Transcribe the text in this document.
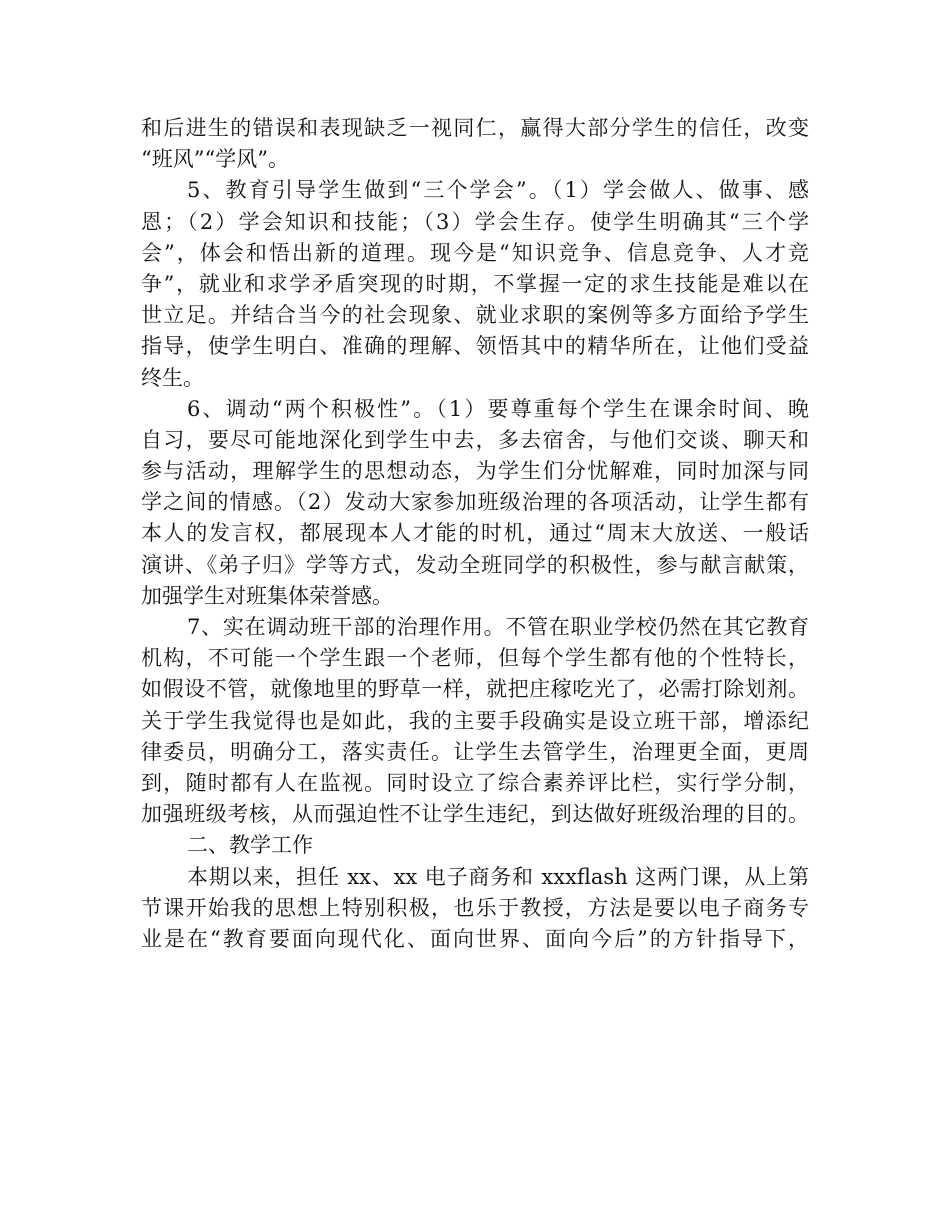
和后进生的错误和表现缺乏一视同仁，赢得大部分学生的信任，改变
“班风”“学风”。
5、教育引导学生做到“三个学会”。（1）学会做人、做事、感
恩；（2）学会知识和技能；（3）学会生存。使学生明确其“三个学
会”，体会和悟出新的道理。现今是“知识竞争、信息竞争、人才竞
争”，就业和求学矛盾突现的时期，不掌握一定的求生技能是难以在
世立足。并结合当今的社会现象、就业求职的案例等多方面给予学生
指导，使学生明白、准确的理解、领悟其中的精华所在，让他们受益
终生。
6、调动“两个积极性”。（1）要尊重每个学生在课余时间、晚
自习，要尽可能地深化到学生中去，多去宿舍，与他们交谈、聊天和
参与活动，理解学生的思想动态，为学生们分忧解难，同时加深与同
学之间的情感。（2）发动大家参加班级治理的各项活动，让学生都有
本人的发言权，都展现本人才能的时机，通过“周末大放送、一般话
演讲、《弟子归》学等方式，发动全班同学的积极性，参与献言献策，
加强学生对班集体荣誉感。
7、实在调动班干部的治理作用。不管在职业学校仍然在其它教育
机构，不可能一个学生跟一个老师，但每个学生都有他的个性特长，
如假设不管，就像地里的野草一样，就把庄稼吃光了，必需打除划剂。
关于学生我觉得也是如此，我的主要手段确实是设立班干部，增添纪
律委员，明确分工，落实责任。让学生去管学生，治理更全面，更周
到，随时都有人在监视。同时设立了综合素养评比栏，实行学分制，
加强班级考核，从而强迫性不让学生违纪，到达做好班级治理的目的。
二、教学工作
本期以来，担任 xx、xx 电子商务和 xxxflash 这两门课，从上第
节课开始我的思想上特别积极，也乐于教授，方法是要以电子商务专
业是在“教育要面向现代化、面向世界、面向今后”的方针指导下，
